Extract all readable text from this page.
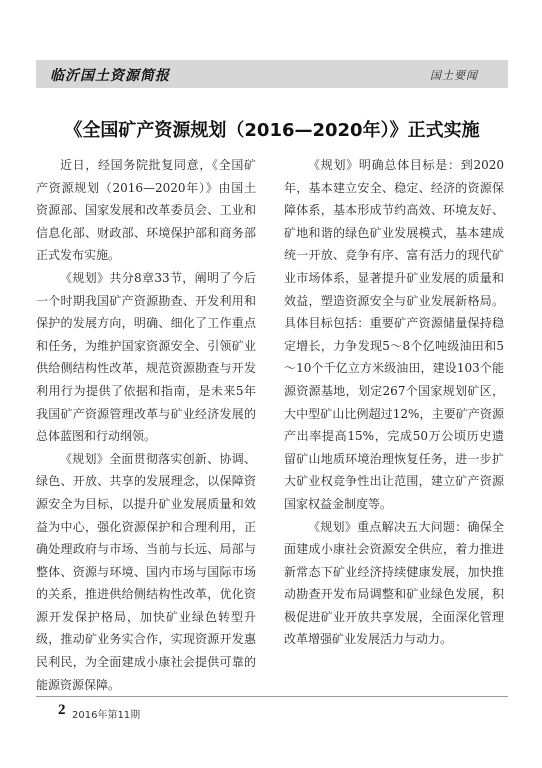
临沂国土资源简报	国土要闻
《全国矿产资源规划（2016—2020年）》正式实施

近日，经国务院批复同意，《全国矿产资源规划（2016—2020年）》由国土资源部、国家发展和改革委员会、工业和信息化部、财政部、环境保护部和商务部正式发布实施。

《规划》共分8章33节，阐明了今后一个时期我国矿产资源勘查、开发利用和保护的发展方向，明确、细化了工作重点和任务，为维护国家资源安全、引领矿业供给侧结构性改革，规范资源勘查与开发利用行为提供了依据和指南，是未来5年我国矿产资源管理改革与矿业经济发展的总体蓝图和行动纲领。

《规划》全面贯彻落实创新、协调、绿色、开放、共享的发展理念，以保障资源安全为目标，以提升矿业发展质量和效益为中心，强化资源保护和合理利用，正确处理政府与市场、当前与长远、局部与整体、资源与环境、国内市场与国际市场的关系，推进供给侧结构性改革，优化资源开发保护格局，加快矿业绿色转型升级，推动矿业务实合作，实现资源开发惠民利民，为全面建成小康社会提供可靠的能源资源保障。

《规划》明确总体目标是：到2020年，基本建立安全、稳定、经济的资源保障体系，基本形成节约高效、环境友好、矿地和谐的绿色矿业发展模式，基本建成统一开放、竞争有序、富有活力的现代矿业市场体系，显著提升矿业发展的质量和效益，塑造资源安全与矿业发展新格局。具体目标包括：重要矿产资源储量保持稳定增长，力争发现5～8个亿吨级油田和5～10个千亿立方米级油田，建设103个能源资源基地，划定267个国家规划矿区，大中型矿山比例超过12%，主要矿产资源产出率提高15%，完成50万公顷历史遗留矿山地质环境治理恢复任务，进一步扩大矿业权竞争性出让范围，建立矿产资源国家权益金制度等。

《规划》重点解决五大问题：确保全面建成小康社会资源安全供应，着力推进新常态下矿业经济持续健康发展，加快推动勘查开发布局调整和矿业绿色发展，积极促进矿业开放共享发展，全面深化管理改革增强矿业发展活力与动力。

2 2016年第11期
